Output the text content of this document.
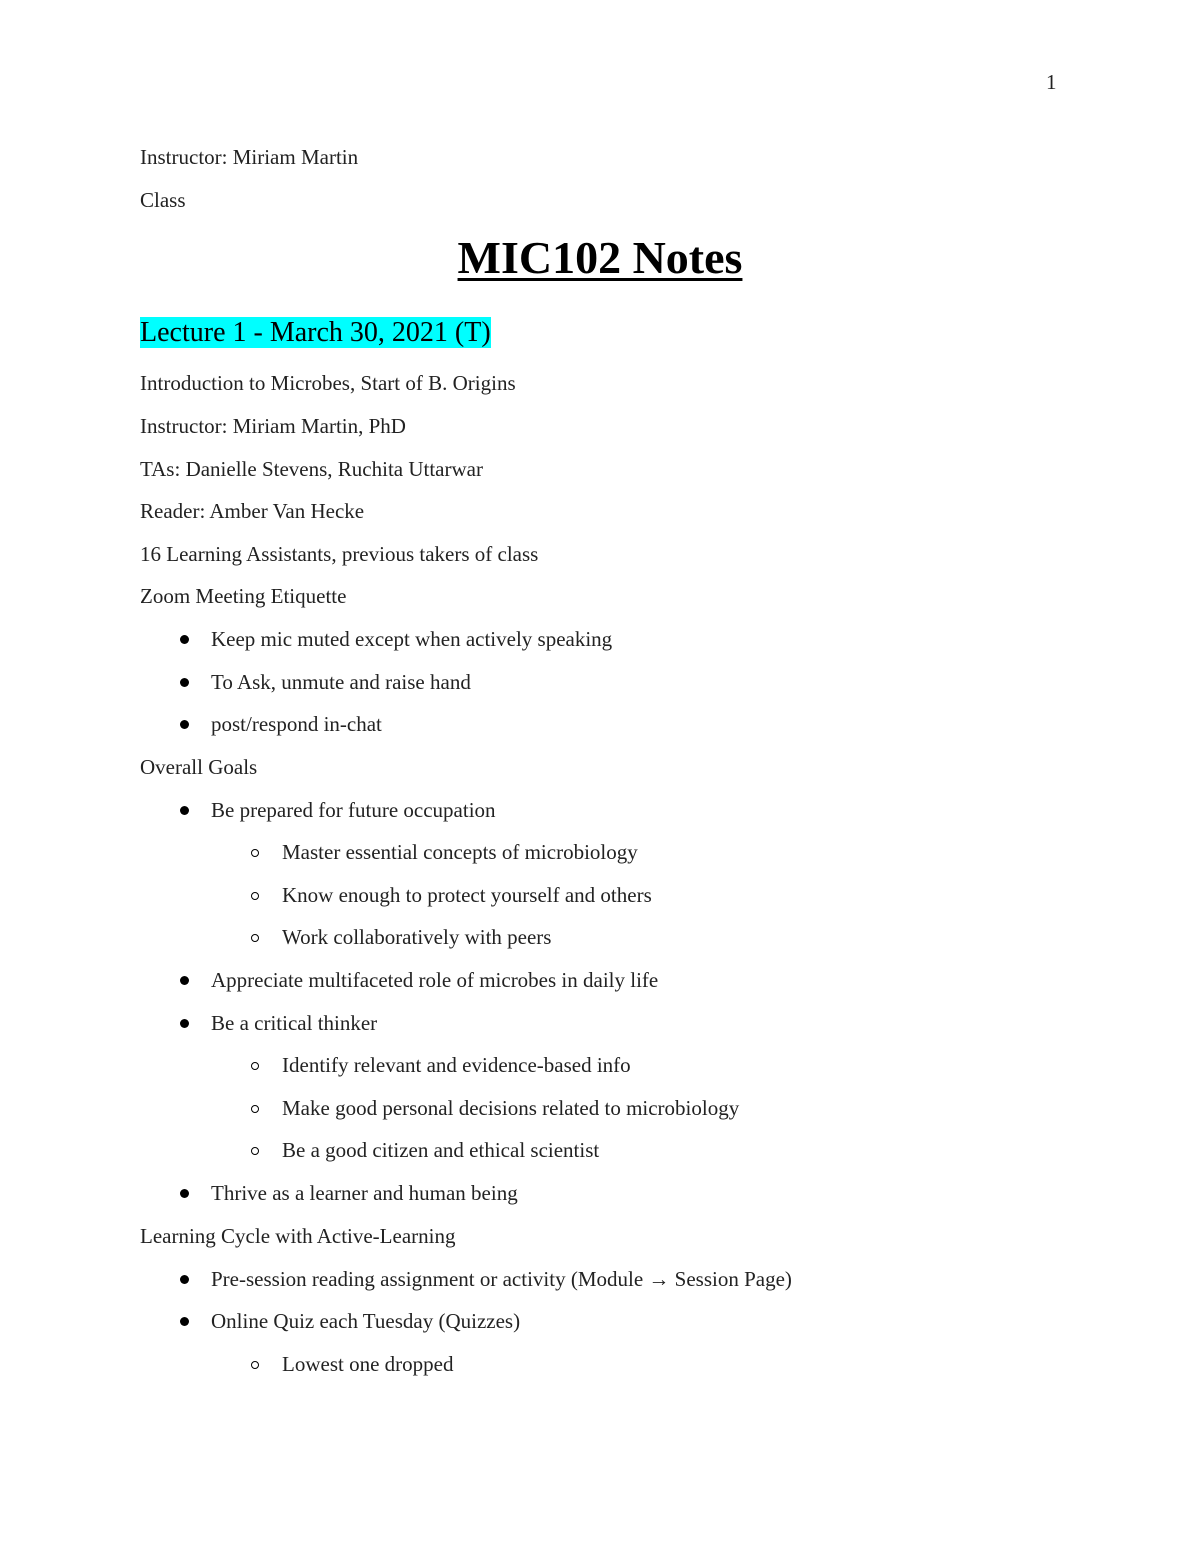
1
Instructor: Miriam Martin
Class
MIC102 Notes
Lecture 1 - March 30, 2021 (T)
Introduction to Microbes, Start of B. Origins
Instructor: Miriam Martin, PhD
TAs: Danielle Stevens, Ruchita Uttarwar
Reader: Amber Van Hecke
16 Learning Assistants, previous takers of class
Zoom Meeting Etiquette
Keep mic muted except when actively speaking
To Ask, unmute and raise hand
post/respond in-chat
Overall Goals
Be prepared for future occupation
Master essential concepts of microbiology
Know enough to protect yourself and others
Work collaboratively with peers
Appreciate multifaceted role of microbes in daily life
Be a critical thinker
Identify relevant and evidence-based info
Make good personal decisions related to microbiology
Be a good citizen and ethical scientist
Thrive as a learner and human being
Learning Cycle with Active-Learning
Pre-session reading assignment or activity (Module → Session Page)
Online Quiz each Tuesday (Quizzes)
Lowest one dropped
